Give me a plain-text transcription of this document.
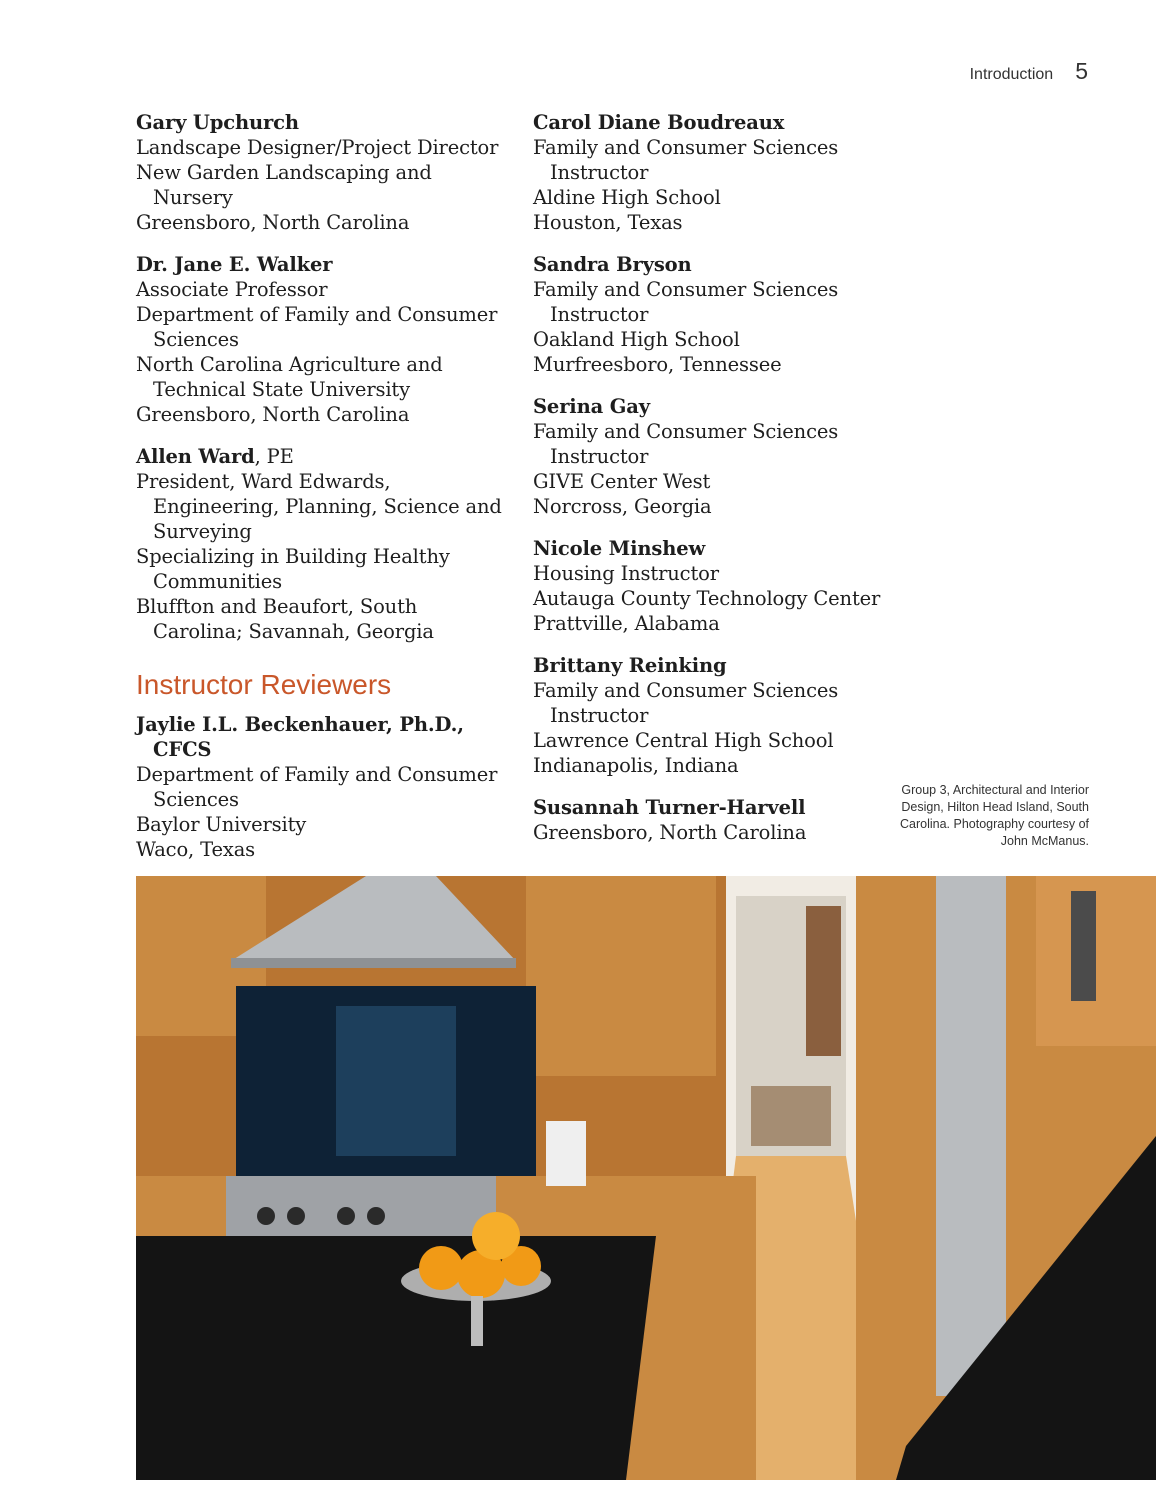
Introduction 5
Gary Upchurch
Landscape Designer/Project Director
New Garden Landscaping and Nursery
Greensboro, North Carolina
Dr. Jane E. Walker
Associate Professor
Department of Family and Consumer Sciences
North Carolina Agriculture and Technical State University
Greensboro, North Carolina
Allen Ward, PE
President, Ward Edwards, Engineering, Planning, Science and Surveying
Specializing in Building Healthy Communities
Bluffton and Beaufort, South Carolina; Savannah, Georgia
Instructor Reviewers
Jaylie I.L. Beckenhauer, Ph.D., CFCS
Department of Family and Consumer Sciences
Baylor University
Waco, Texas
Carol Diane Boudreaux
Family and Consumer Sciences Instructor
Aldine High School
Houston, Texas
Sandra Bryson
Family and Consumer Sciences Instructor
Oakland High School
Murfreesboro, Tennessee
Serina Gay
Family and Consumer Sciences Instructor
GIVE Center West
Norcross, Georgia
Nicole Minshew
Housing Instructor
Autauga County Technology Center
Prattville, Alabama
Brittany Reinking
Family and Consumer Sciences Instructor
Lawrence Central High School
Indianapolis, Indiana
Susannah Turner-Harvell
Greensboro, North Carolina
Group 3, Architectural and Interior Design, Hilton Head Island, South Carolina. Photography courtesy of John McManus.
